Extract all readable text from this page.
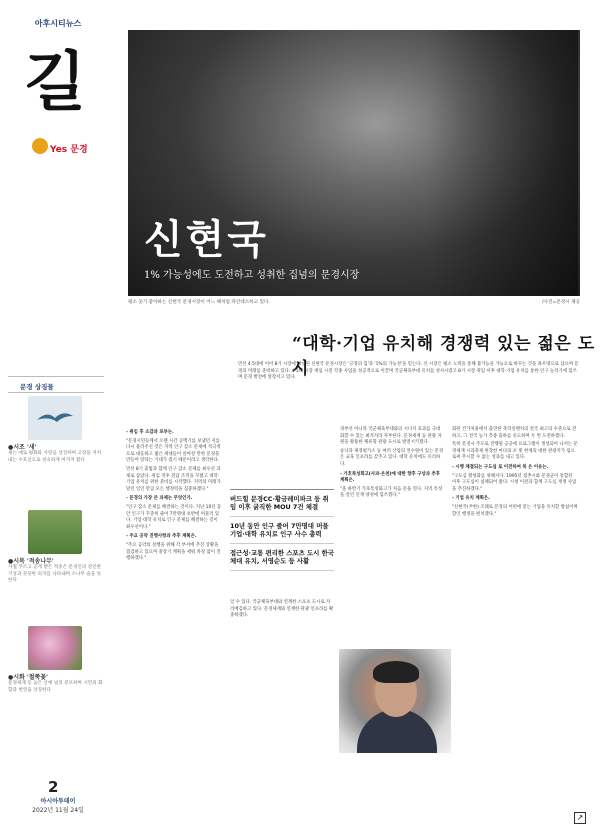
아후시티뉴스
길
Yes 문경
문경 상징물
●시조 '새'
새는 예로 평화와 사랑을 상징하며 고장을 지켜내는 수호신으로 친숙하게 여겨져 왔다
●시목 '적송나무'
사철 푸르고 곧게 뻗은 적송은 문경인의 강인한 기상과 꿋꿋한 의지를 나타내며 소나무 숲을 뜻한다
●시화 '철쭉꽃'
문경새재 등 높은 산에 널리 분포하며 시민의 화합과 번영을 상징한다
2
아시아투데이
2022년 11월 24일
신현국
1% 가능성에도 도전하고 성취한 집념의 문경시장
평소 웃기 좋아하는 신현국 문경시장이 어느 때처럼 파안대소하고 있다.	/사진=문경시 제공
“대학·기업 유치해 경쟁력 있는 젊은 도시
민선 4·5대에 이어 8기 시장에 당선된 신현국 문경시장은 '긍정의 힘'과 '1%의 가능성'을 믿는다. 신 시장은 평소 노력을 통해 불가능을 가능으로 바꾸는 것을 좌우명으로 삼으며 문경의 미래를 준비하고 있다. 4·5대 시장 재임 시절 각종 사업을 성공적으로 이끌며 국군체육부대 유치를 성사시켰고 8기 시장 취임 이후 대학·기업 유치를 통한 인구 늘리기에 힘쓰며 문경 발전에 앞장서고 있다.

- 취임 후 소감과 포부는.

"문경시민들께서 오랜 시간 공백기를 보냈던 저를 다시 불러주신 것은 지역 인구 감소 문제에 적극적으로 대응하고 젊은 세대들이 살아갈 만한 문경을 만들어 달라는 기대가 컸기 때문이라고 생각한다.

민선 8기 출범과 함께 인구 감소 문제를 최우선 과제로 삼았다. 취임 직후 전담 조직을 꾸렸고 대학·기업 유치를 위한 준비를 시작했다. 지역의 미래가 달린 일인 만큼 모든 행정력을 집중하겠다."

- 문경의 가장 큰 과제는 무엇인가.

"인구 감소 문제를 해결하는 것이다. 지난 10년 동안 인구가 꾸준히 줄어 7만명대 초반에 머물러 있다. 기업·대학 유치로 인구 문제를 해결하는 것이 최우선이다."

- 주요 공약 진행사항과 추후 계획은.

"주요 공약의 실행을 위해 각 부서에 추진 상황을 점검하고 있으며 중장기 계획을 세워 차질 없이 진행하겠다."

버드힐 문경CC·황금레미파크 등 취임 이후 굵직한 MOU 7건 체결
10년 동안 인구 줄어 7만명대 머물 기업·대학 유치로 인구 사수 총력
접근성·교통 편리한 스포츠 도시 한국체대 유치, 서영순도 등 사활

일 수 있다. 국군체육부대와 연계한 스포츠 도시로 자리매김하고 있다. 문경새재와 연계한 관광 인프라를 확충하겠다.

경부선 아니라 국군체육부대와의 시너지 효과를 극대화할 수 있는 최적지라 자부한다. 문경새재 등 관광 자원을 활용한 체류형 관광 도시로 발전시키겠다.

승낙과 제경평가소 등 여러 산업의 연수원이 있는 문경은 교육 인프라를 갖추고 있다. 대학 유치에도 유리하다.

- 가호특성화고(사과·온천)에 대한 향후 구상과 추후 계획은.

"올 하반기 가호특성화고가 처음 문을 연다. 지역 특성을 살린 인재 양성에 힘쓰겠다."

회관 건가처용에서 출연한 축학실랜처의 전국 최고의 수준으로 전하고, 그 전국 농가 측종 출하를 유도하며 두 번 도전하겠다.

특히 문경시 주도로 진행될 공공에 프로그램이 생성되어 나서는 문경새재 시과축제 현장한 마다의 포 빛 현재의 대한 관광지가 됨으로써 무시할 수 없는 성과를 내고 있다.

- 시행 체결되는 구도심 로 이전하여 복 은 이유는.

"구도심 활성화를 위해서다. 1995년 점촌시와 문경군이 통합된 이후 구도심이 침체되어 왔다. 시청 이전과 함께 구도심 재생 사업을 추진하겠다."

- 기업 유치 계획은.

"신현국(尹한) 조례로 문경의 어떤에 맞는 기업을 유치할 방침이며 할인 행정을 펼치겠다."

↗
